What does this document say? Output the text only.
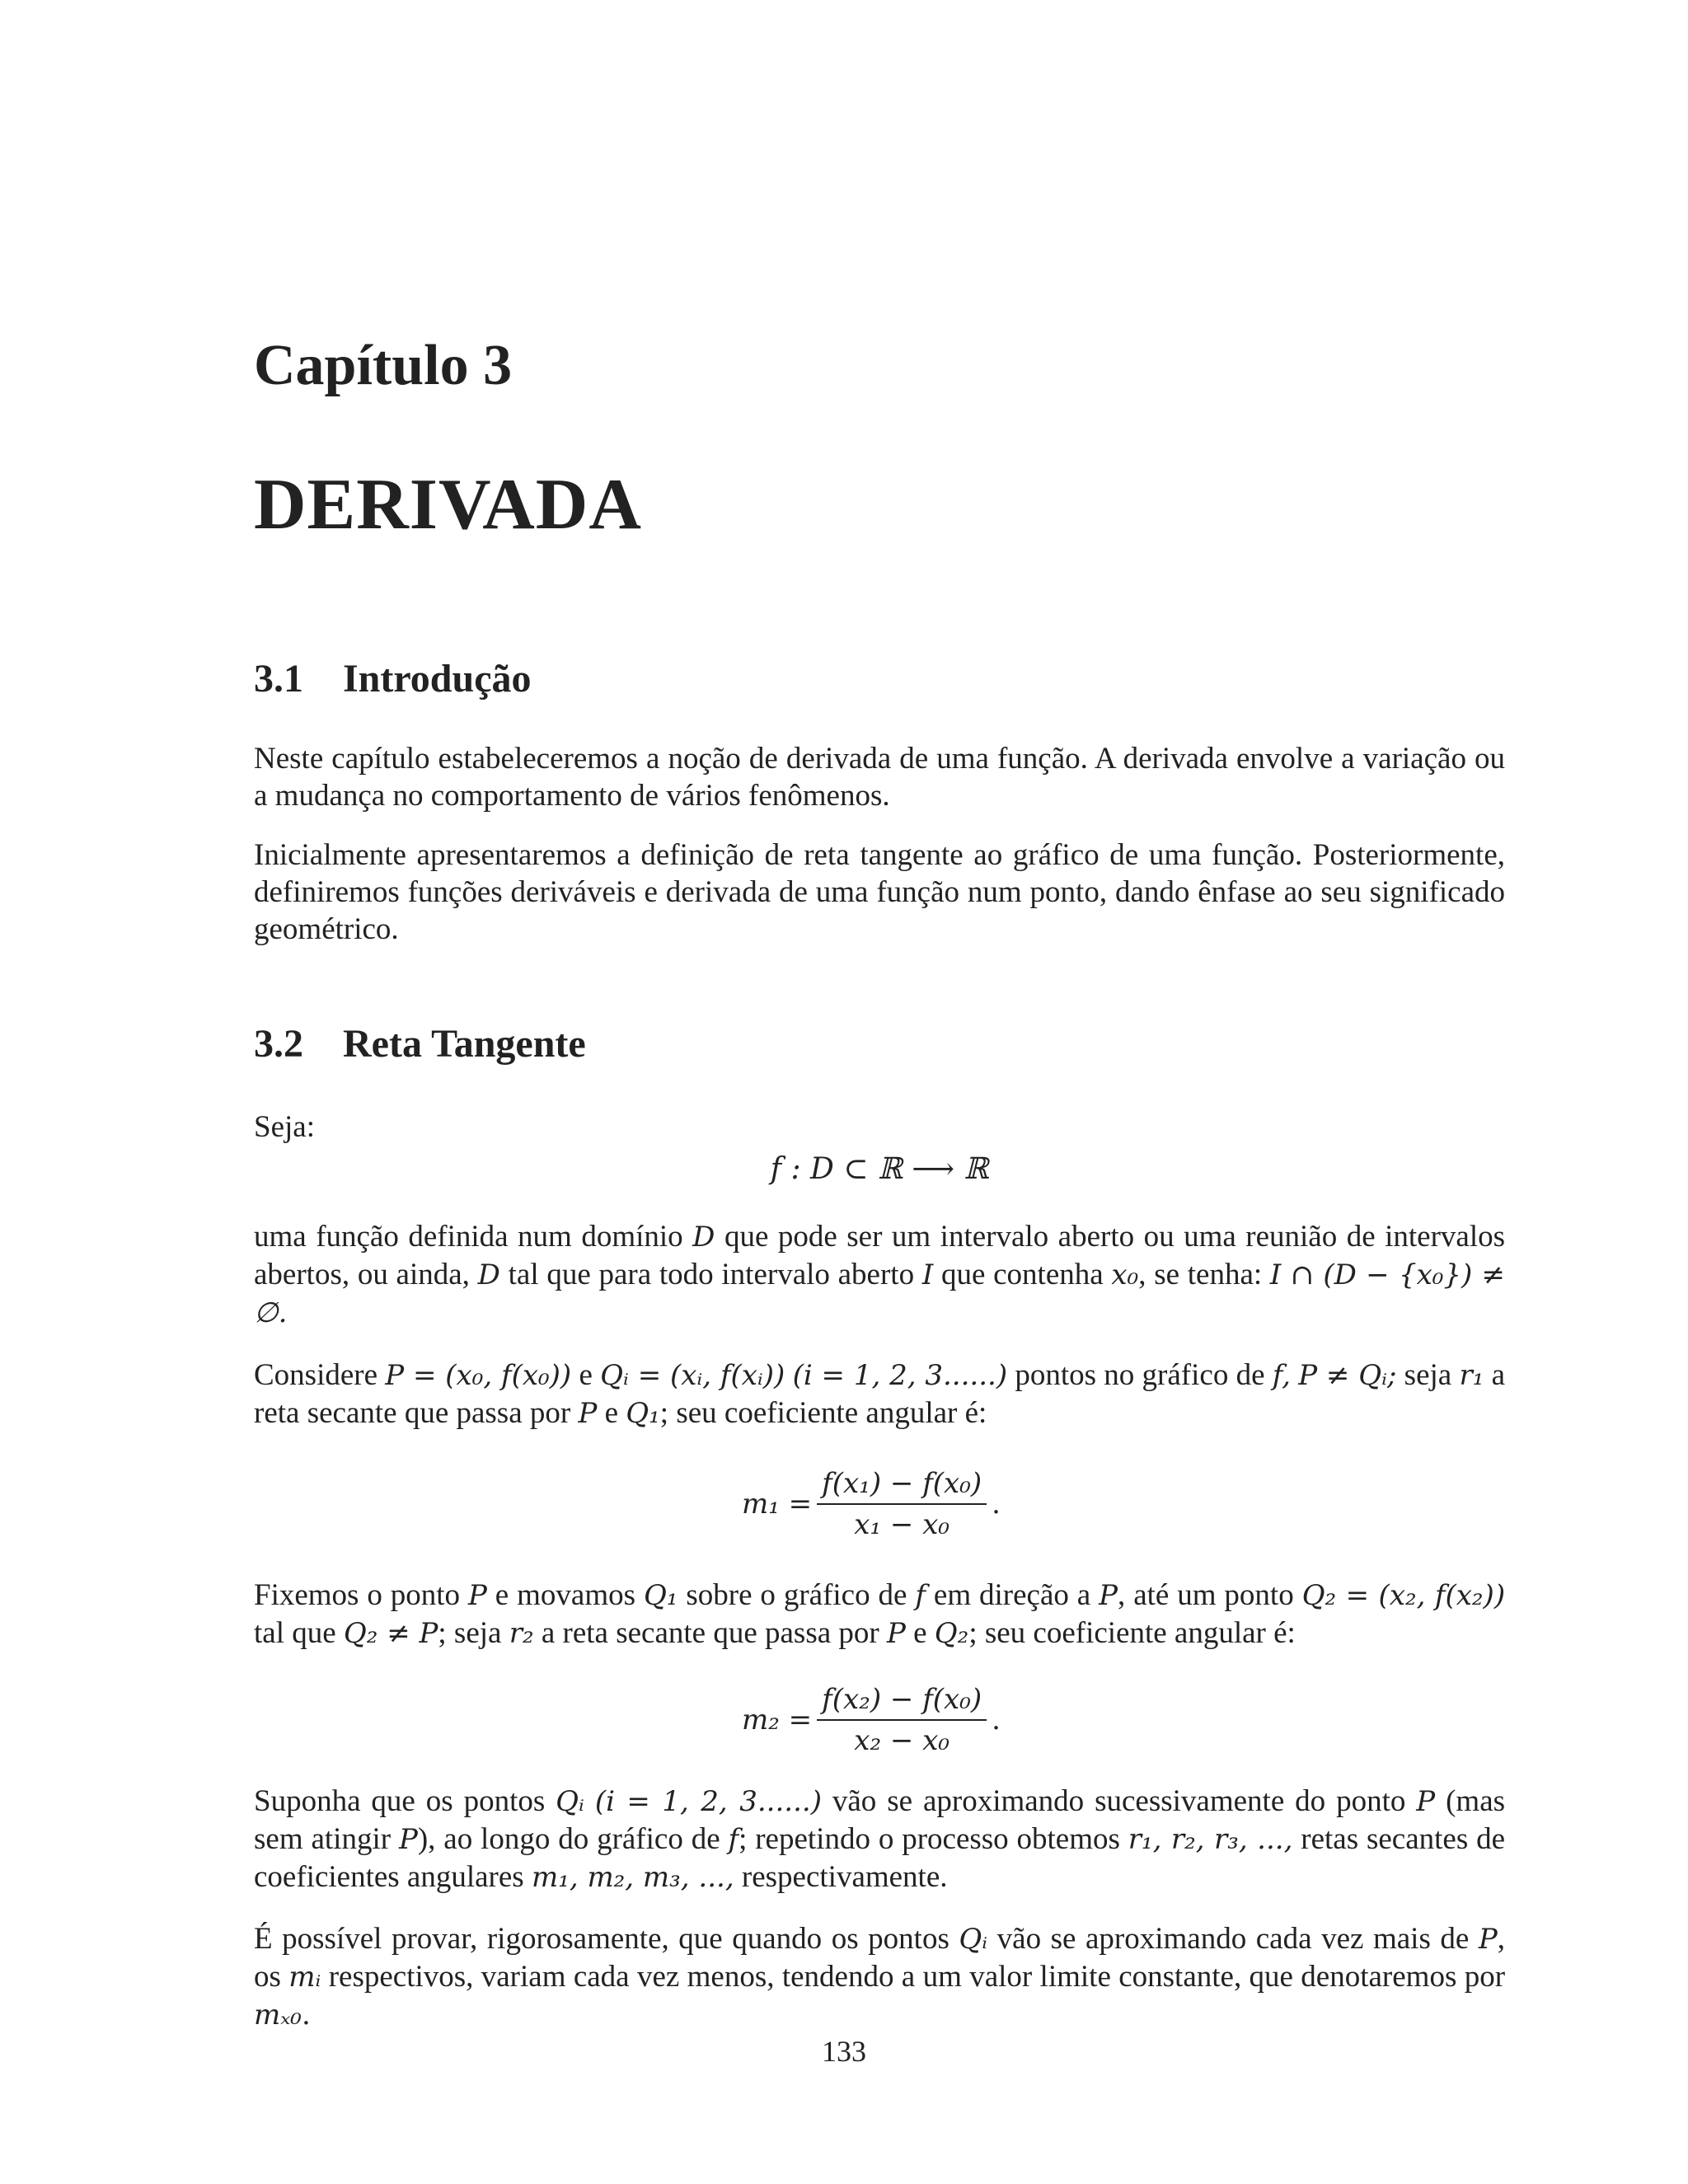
Capítulo 3
DERIVADA
3.1 Introdução

Neste capítulo estabeleceremos a noção de derivada de uma função. A derivada envolve a variação ou a mudança no comportamento de vários fenômenos.

Inicialmente apresentaremos a definição de reta tangente ao gráfico de uma função. Posteriormente, definiremos funções deriváveis e derivada de uma função num ponto, dando ênfase ao seu significado geométrico.

3.2 Reta Tangente

Seja:

f : D ⊂ ℝ ⟶ ℝ

uma função definida num domínio D que pode ser um intervalo aberto ou uma reunião de intervalos abertos, ou ainda, D tal que para todo intervalo aberto I que contenha x₀, se tenha: I ∩ (D − {x₀}) ≠ ∅.

Considere P = (x₀, f(x₀)) e Qᵢ = (xᵢ, f(xᵢ)) (i = 1, 2, 3......) pontos no gráfico de f, P ≠ Qᵢ; seja r₁ a reta secante que passa por P e Q₁; seu coeficiente angular é:

$m_1 = \frac{\text{f(x₁) − f(x₀)}}{\text{x₁ − x₀}}$ .

Fixemos o ponto P e movamos Q₁ sobre o gráfico de f em direção a P, até um ponto Q₂ = (x₂, f(x₂)) tal que Q₂ ≠ P; seja r₂ a reta secante que passa por P e Q₂; seu coeficiente angular é:

$m_2 = \frac{\text{f(x₂) − f(x₀)}}{\text{x₂ − x₀}}$ .

Suponha que os pontos Qᵢ (i = 1, 2, 3......) vão se aproximando sucessivamente do ponto P (mas sem atingir P), ao longo do gráfico de f; repetindo o processo obtemos r₁, r₂, r₃, ..., retas secantes de coeficientes angulares m₁, m₂, m₃, ..., respectivamente.

É possível provar, rigorosamente, que quando os pontos Qᵢ vão se aproximando cada vez mais de P, os mᵢ respectivos, variam cada vez menos, tendendo a um valor limite constante, que denotaremos por mₓ₀.

133
